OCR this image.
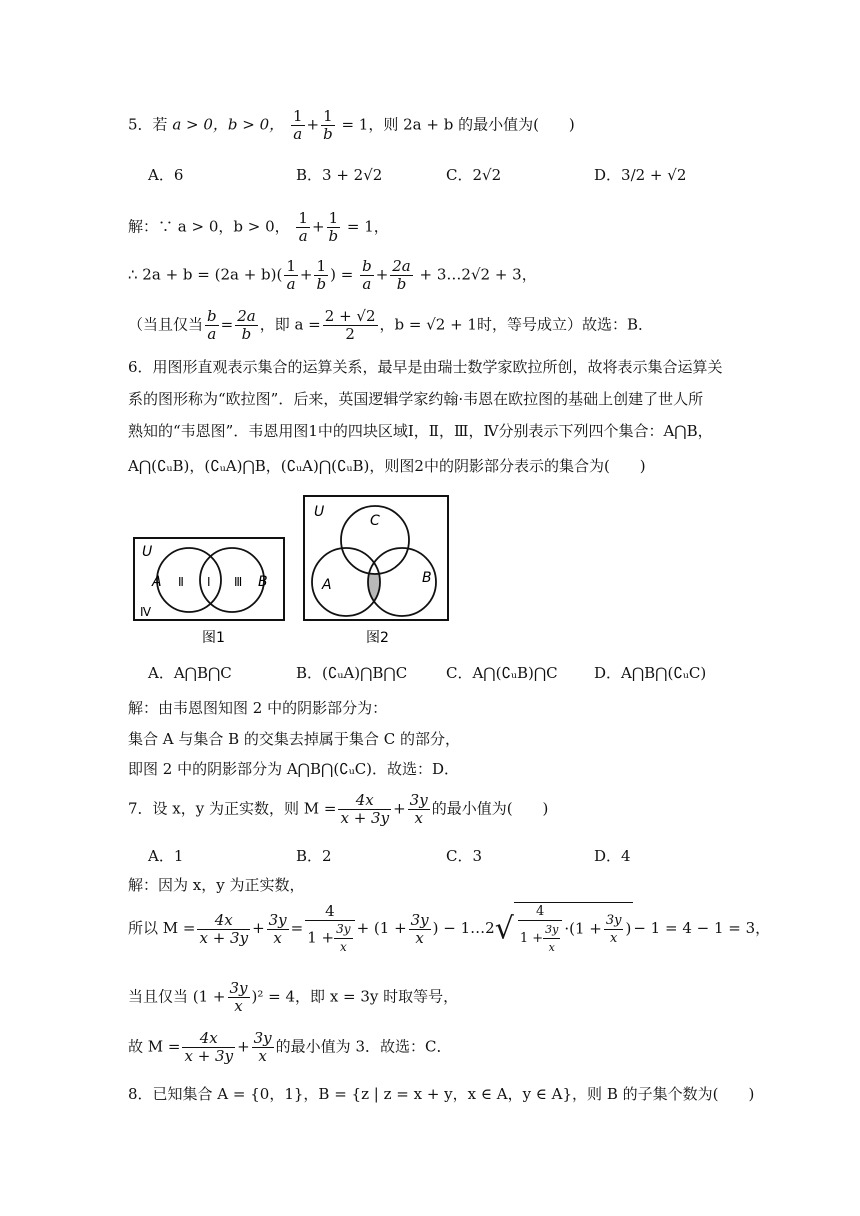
5．若 a > 0，b > 0， $\frac{1}{a} + \frac{1}{b} = 1$，则 2a + b 的最小值为(　　)
A．6	B．3 + 2√2	C．2√2	D．3/2 + √2
解：∵ a > 0，b > 0， $\frac{1}{a} + \frac{1}{b} = 1$，
∴ $2a + b = (2a + b)( \frac{1}{a} + \frac{1}{b}$ ) = $\frac{b}{a} + \frac{2a}{b}$ + 3…2√2 + 3，
（当且仅当 $\frac{b}{a} = \frac{2a}{b}$ ，即 $a = \frac{2 + √2}{2}$ ，b = √2 + 1时，等号成立）故选：B．
6．用图形直观表示集合的运算关系，最早是由瑞士数学家欧拉所创，故将表示集合运算关
系的图形称为“欧拉图”．后来，英国逻辑学家约翰·韦恩在欧拉图的基础上创建了世人所
熟知的“韦恩图”．韦恩用图1中的四块区域Ⅰ，Ⅱ，Ⅲ，Ⅳ分别表示下列四个集合：A⋂B，
A⋂(∁ᵤB)，(∁ᵤA)⋂B，(∁ᵤA)⋂(∁ᵤB)，则图2中的阴影部分表示的集合为(　　)
U
A Ⅱ Ⅰ Ⅲ B
Ⅳ
图1
U
C
A	B
图2
A．A⋂B⋂C	B．(∁ᵤA)⋂B⋂C	C．A⋂(∁ᵤB)⋂C D．A⋂B⋂(∁ᵤC)
解：由韦恩图知图 2 中的阴影部分为：
集合 A 与集合 B 的交集去掉属于集合 C 的部分，
即图 2 中的阴影部分为 A⋂B⋂(∁ᵤC)．故选：D．
7．设 x，y 为正实数，则 $M = \frac{4x}{x + 3y} + \frac{3y}{x}$ 的最小值为(　　)
A．1	B．2	C．3	D．4
解：因为 x，y 为正实数，
所以 $M = \frac{4x}{x + 3y} + \frac{3y}{x} = \frac{4}{1 + \frac{3y}{x}} + (1 + \frac{3y}{x}$ ) − 1…2√ $\frac{4}{1 + \frac{3y}{x}} \cdot(1 + \frac{3y}{x}$ ) − 1 = 4 − 1 = 3，
当且仅当 $(1 + \frac{3y}{x} )^2 = 4$，即 x = 3y 时取等号，
故 $M = \frac{4x}{x + 3y} + \frac{3y}{x}$ 的最小值为 3．故选：C．
8．已知集合 A = {0，1}，B = {z | z = x + y，x ∈ A，y ∈ A}，则 B 的子集个数为(　　)
